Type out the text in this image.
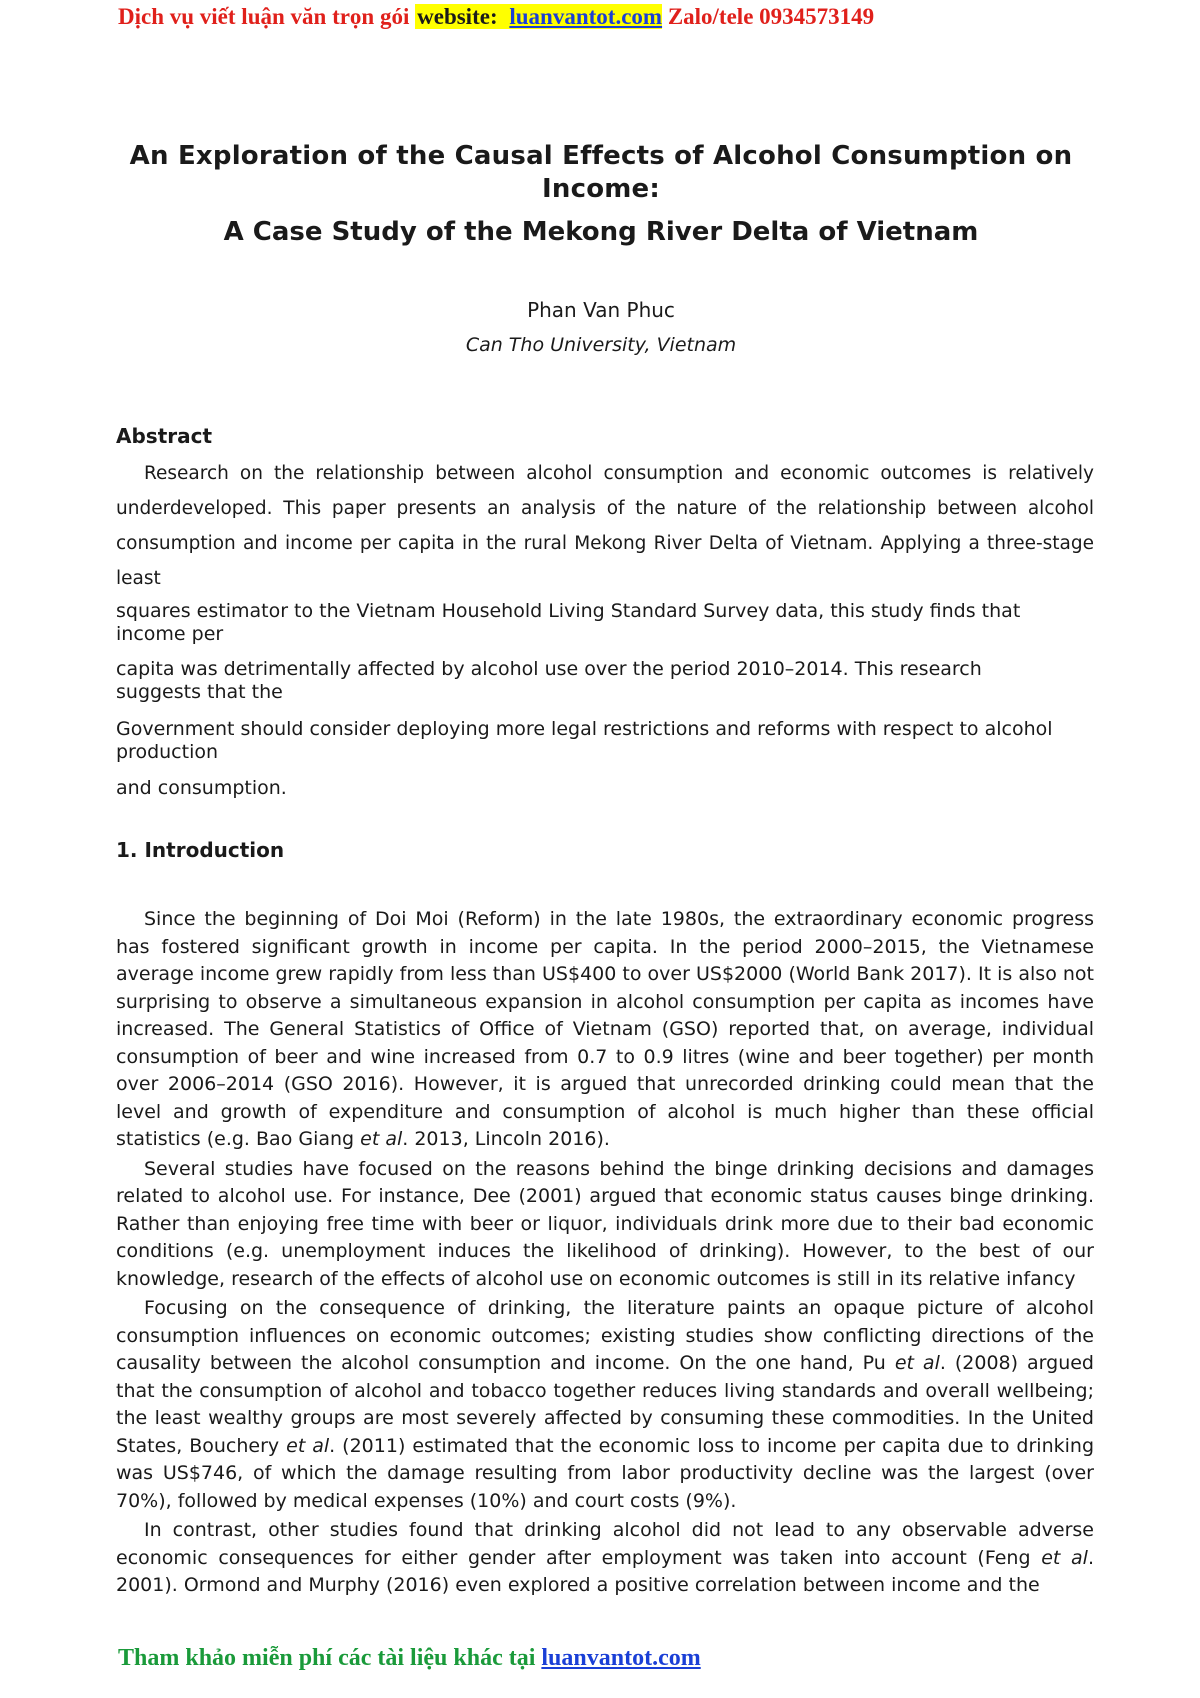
Dịch vụ viết luận văn trọn gói website: luanvantot.com Zalo/tele 0934573149
An Exploration of the Causal Effects of Alcohol Consumption on Income:
A Case Study of the Mekong River Delta of Vietnam
Phan Van Phuc
Can Tho University, Vietnam
Abstract
Research on the relationship between alcohol consumption and economic outcomes is relatively underdeveloped. This paper presents an analysis of the nature of the relationship between alcohol consumption and income per capita in the rural Mekong River Delta of Vietnam. Applying a three-stage least
squares estimator to the Vietnam Household Living Standard Survey data, this study finds that income per
capita was detrimentally affected by alcohol use over the period 2010–2014. This research suggests that the
Government should consider deploying more legal restrictions and reforms with respect to alcohol production
and consumption.
1. Introduction

Since the beginning of Doi Moi (Reform) in the late 1980s, the extraordinary economic progress has fostered significant growth in income per capita. In the period 2000–2015, the Vietnamese average income grew rapidly from less than US$400 to over US$2000 (World Bank 2017). It is also not surprising to observe a simultaneous expansion in alcohol consumption per capita as incomes have increased. The General Statistics of Office of Vietnam (GSO) reported that, on average, individual consumption of beer and wine increased from 0.7 to 0.9 litres (wine and beer together) per month over 2006–2014 (GSO 2016). However, it is argued that unrecorded drinking could mean that the level and growth of expenditure and consumption of alcohol is much higher than these official statistics (e.g. Bao Giang et al. 2013, Lincoln 2016).

Several studies have focused on the reasons behind the binge drinking decisions and damages related to alcohol use. For instance, Dee (2001) argued that economic status causes binge drinking. Rather than enjoying free time with beer or liquor, individuals drink more due to their bad economic conditions (e.g. unemployment induces the likelihood of drinking). However, to the best of our knowledge, research of the effects of alcohol use on economic outcomes is still in its relative infancy

Focusing on the consequence of drinking, the literature paints an opaque picture of alcohol consumption influences on economic outcomes; existing studies show conflicting directions of the causality between the alcohol consumption and income. On the one hand, Pu et al. (2008) argued that the consumption of alcohol and tobacco together reduces living standards and overall wellbeing; the least wealthy groups are most severely affected by consuming these commodities. In the United States, Bouchery et al. (2011) estimated that the economic loss to income per capita due to drinking was US$746, of which the damage resulting from labor productivity decline was the largest (over 70%), followed by medical expenses (10%) and court costs (9%).

In contrast, other studies found that drinking alcohol did not lead to any observable adverse economic consequences for either gender after employment was taken into account (Feng et al. 2001). Ormond and Murphy (2016) even explored a positive correlation between income and the

Tham khảo miễn phí các tài liệu khác tại luanvantot.com
